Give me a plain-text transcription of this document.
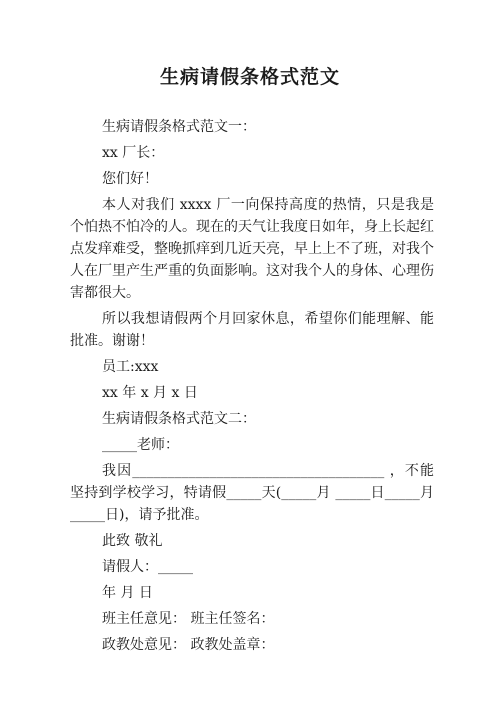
生病请假条格式范文
生病请假条格式范文一：
xx 厂长：
您们好！

本人对我们 xxxx 厂一向保持高度的热情，只是我是个怕热不怕冷的人。现在的天气让我度日如年，身上长起红点发痒难受，整晚抓痒到几近天亮，早上上不了班，对我个人在厂里产生严重的负面影响。这对我个人的身体、心理伤害都很大。

所以我想请假两个月回家休息，希望你们能理解、能批准。谢谢！

员工:xxx
xx 年 x 月 x 日
生病请假条格式范文二：
_____老师：

我因____________________________________ ，不能坚持到学校学习，特请假_____天(_____月 _____日_____月_____日)，请予批准。

此致 敬礼
请假人：_____
年 月 日
班主任意见： 班主任签名：
政教处意见： 政教处盖章：
